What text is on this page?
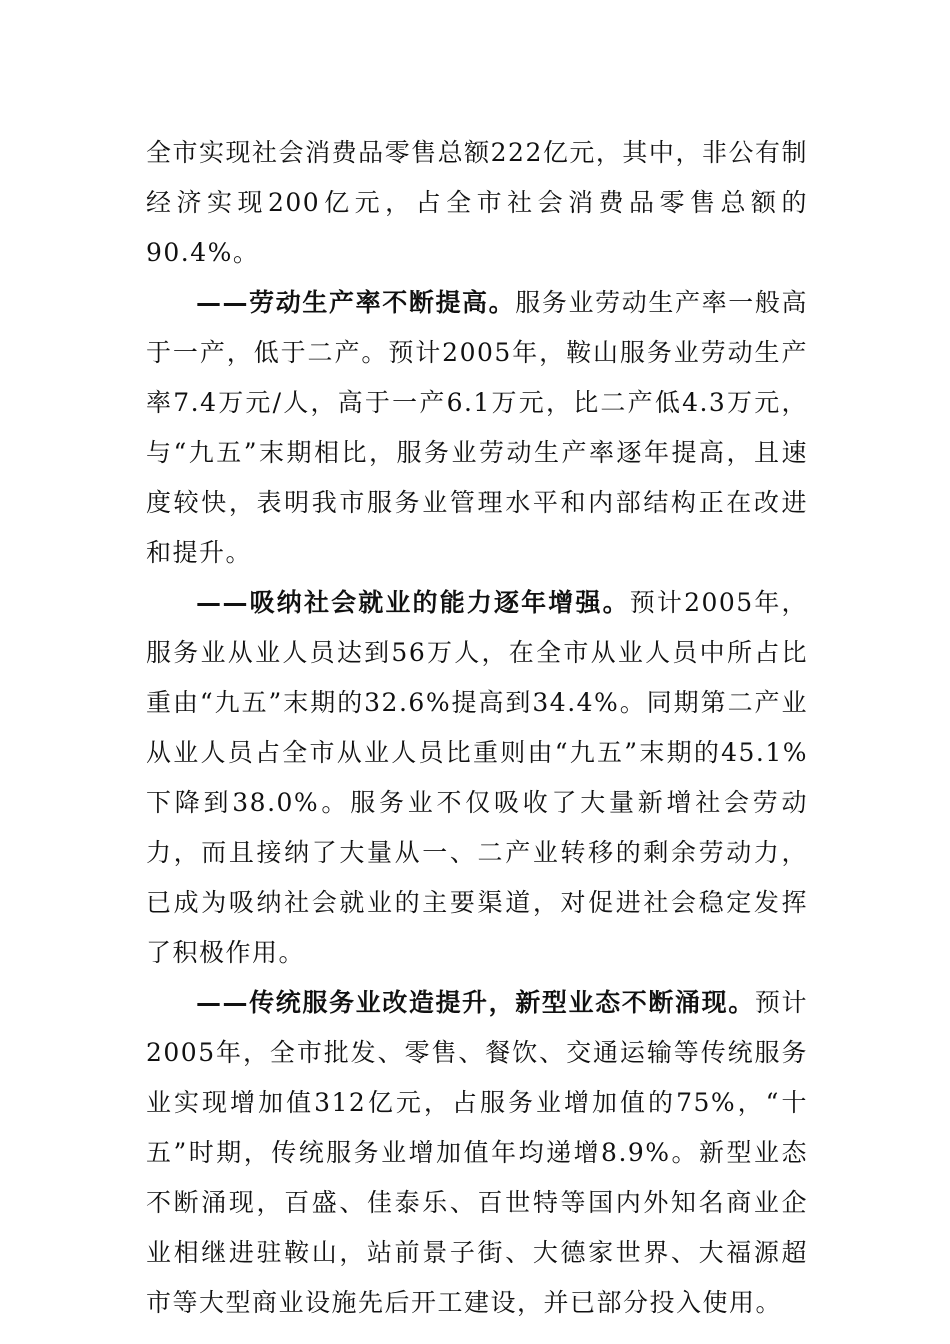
全市实现社会消费品零售总额222亿元，其中，非公有制经济实现200亿元，占全市社会消费品零售总额的90.4%。

——劳动生产率不断提高。服务业劳动生产率一般高于一产，低于二产。预计2005年，鞍山服务业劳动生产率7.4万元/人，高于一产6.1万元，比二产低4.3万元，与“九五”末期相比，服务业劳动生产率逐年提高，且速度较快，表明我市服务业管理水平和内部结构正在改进和提升。

——吸纳社会就业的能力逐年增强。预计2005年，服务业从业人员达到56万人，在全市从业人员中所占比重由“九五”末期的32.6%提高到34.4%。同期第二产业从业人员占全市从业人员比重则由“九五”末期的45.1%下降到38.0%。服务业不仅吸收了大量新增社会劳动力，而且接纳了大量从一、二产业转移的剩余劳动力，已成为吸纳社会就业的主要渠道，对促进社会稳定发挥了积极作用。

——传统服务业改造提升，新型业态不断涌现。预计2005年，全市批发、零售、餐饮、交通运输等传统服务业实现增加值312亿元，占服务业增加值的75%，“十五”时期，传统服务业增加值年均递增8.9%。新型业态不断涌现，百盛、佳泰乐、百世特等国内外知名商业企业相继进驻鞍山，站前景子街、大德家世界、大福源超市等大型商业设施先后开工建设，并已部分投入使用。
